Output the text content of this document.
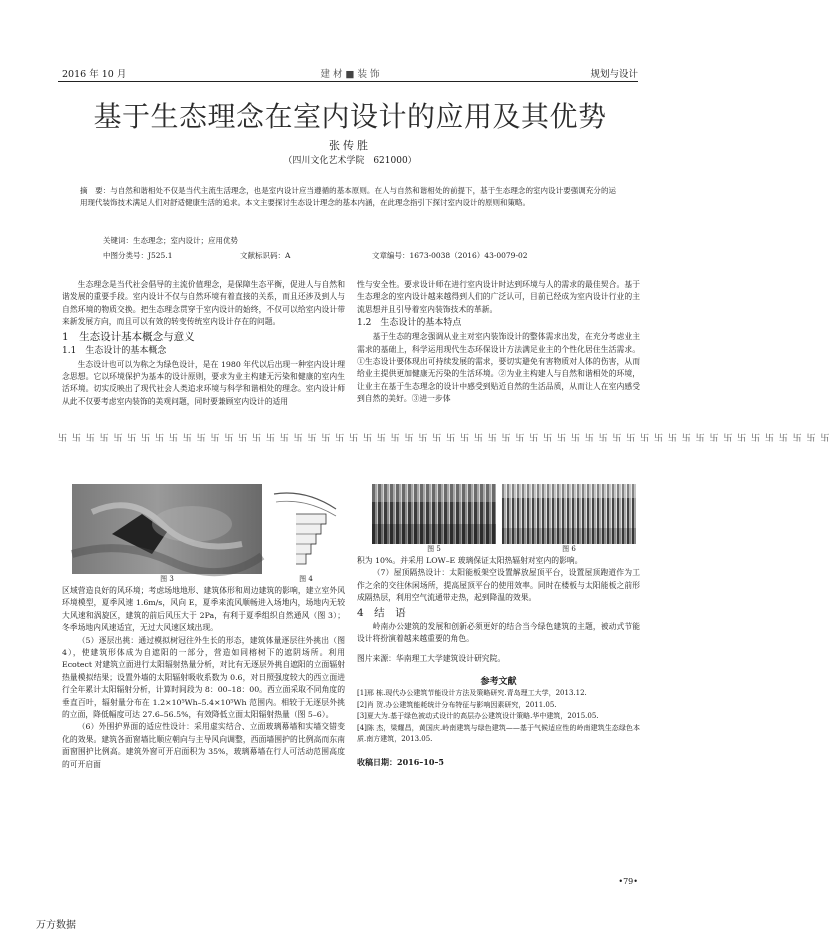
2016 年 10 月	建 材 ■ 装 饰	规划与设计
基于生态理念在室内设计的应用及其优势
张传胜
（四川文化艺术学院　621000）
摘　要：与自然和谐相处不仅是当代主流生活理念，也是室内设计应当遵循的基本原则。在人与自然和谐相处的前提下，基于生态理念的室内设计要强调充分的运用现代装饰技术满足人们对舒适健康生活的追求。本文主要探讨生态设计理念的基本内涵，在此理念指引下探讨室内设计的原则和策略。
关键词：生态理念；室内设计；应用优势
中图分类号：J525.1	文献标识码：A	文章编号：1673-0038（2016）43-0079-02

生态理念是当代社会倡导的主流价值理念，是保障生态平衡，促进人与自然和谐发展的重要手段。室内设计不仅与自然环境有着直接的关系，而且还涉及到人与自然环境的物质交换。把生态理念贯穿于室内设计的始终，不仅可以给室内设计带来新发展方向，而且可以有效的转变传统室内设计存在的问题。

1　生态设计基本概念与意义
1.1　生态设计的基本概念

生态设计也可以为称之为绿色设计，是在 1980 年代以后出现一种室内设计理念思想。它以环境保护为基本的设计原则，要求为业主构建无污染和健康的室内生活环境。切实反映出了现代社会人类追求环境与科学和谐相处的理念。室内设计师从此不仅要考虑室内装饰的美观问题，同时要兼顾室内设计的适用

性与安全性。要求设计师在进行室内设计时达到环境与人的需求的最佳契合。基于生态理念的室内设计越来越得到人们的广泛认可，目前已经成为室内设计行业的主流思想并且引导着室内装饰技术的革新。

1.2　生态设计的基本特点

基于生态的理念强调从业主对室内装饰设计的整体需求出发，在充分考虑业主需求的基础上，科学运用现代生态环保设计方法满足业主的个性化居住生活需求。①生态设计要体现出可持续发展的需求，要切实避免有害物质对人体的伤害，从而给业主提供更加健康无污染的生活环境。②为业主构建人与自然和谐相处的环境，让业主在基于生态理念的设计中感受到贴近自然的生活品质，从而让人在室内感受到自然的美好。③进一步体

卐 卐 卐 卐 卐 卐 卐 卐 卐 卐 卐 卐 卐 卐 卐 卐 卐 卐 卐 卐 卐 卐 卐 卐 卐 卐 卐 卐 卐 卐 卐 卐 卐 卐 卐 卐 卐 卐 卐 卐 卐 卐 卐 卐 卐 卐 卐 卐 卐 卐 卐 卐 卐 卐 卐 卐
图 3	图 4
图 5	图 6

区域营造良好的风环境；考虑场地地形、建筑体形和周边建筑的影响，建立室外风环境模型，夏季风速 1.6m/s，风向 E，夏季来流风顺畅进入场地内，场地内无较大风速和涡旋区，建筑的前后风压大于 2Pa，有利于夏季组织自然通风（图 3）；冬季场地内风速适宜，无过大风速区域出现。

（5）逐层出挑：通过模拟树冠往外生长的形态，建筑体量逐层往外挑出（图 4），使建筑形体成为自遮阳的一部分，营造如同榕树下的遮阴场所。利用 Ecotect 对建筑立面进行太阳辐射热量分析，对比有无逐层外挑自遮阳的立面辐射热量模拟结果；设置外墙的太阳辐射吸收系数为 0.6，对日照强度较大的西立面进行全年累计太阳辐射分析，计算时间段为 8：00–18：00。西立面采取不同角度的垂直百叶，辐射量分布在 1.2×10⁵Wh–5.4×10⁵Wh 范围内。相较于无逐层外挑的立面，降低幅度可达 27.6–56.5%，有效降低立面太阳辐射热量（图 5–6）。

（6）外围护界面的适应性设计：采用虚实结合、立面玻璃幕墙和实墙交错变化的效果。建筑各面窗墙比顺应朝向与主导风向调整，西面墙围护的比例高而东南面窗围护比例高。建筑外窗可开启面积为 35%，玻璃幕墙在行人可活动范围高度的可开启面

积为 10%。并采用 LOW–E 玻璃保证太阳热辐射对室内的影响。

（7）屋顶隔热设计：太阳能板架空设置解放屋顶平台，设置屋顶跑道作为工作之余的交往休闲场所，提高屋顶平台的使用效率。同时在楼板与太阳能板之前形成隔热层，利用空气流通带走热，起到降温的效果。

4　结　语

岭南办公建筑的发展和创新必须更好的结合当今绿色建筑的主题，被动式节能设计将扮演着越来越重要的角色。

图片来源：华南理工大学建筑设计研究院。
参考文献
[1]邢 栋.现代办公建筑节能设计方法及策略研究.青岛理工大学，2013.12.
[2]肖 贺.办公建筑能耗统计分布特征与影响因素研究，2011.05.
[3]夏大为.基于绿色被动式设计的高层办公建筑设计策略.华中建筑，2015.05.
[4]陈 杰，梁耀昌，黄国庆.岭南建筑与绿色建筑——基于气候适应性的岭南建筑生态绿色本质.南方建筑，2013.05.
收稿日期：2016–10–5
•79•
万方数据
